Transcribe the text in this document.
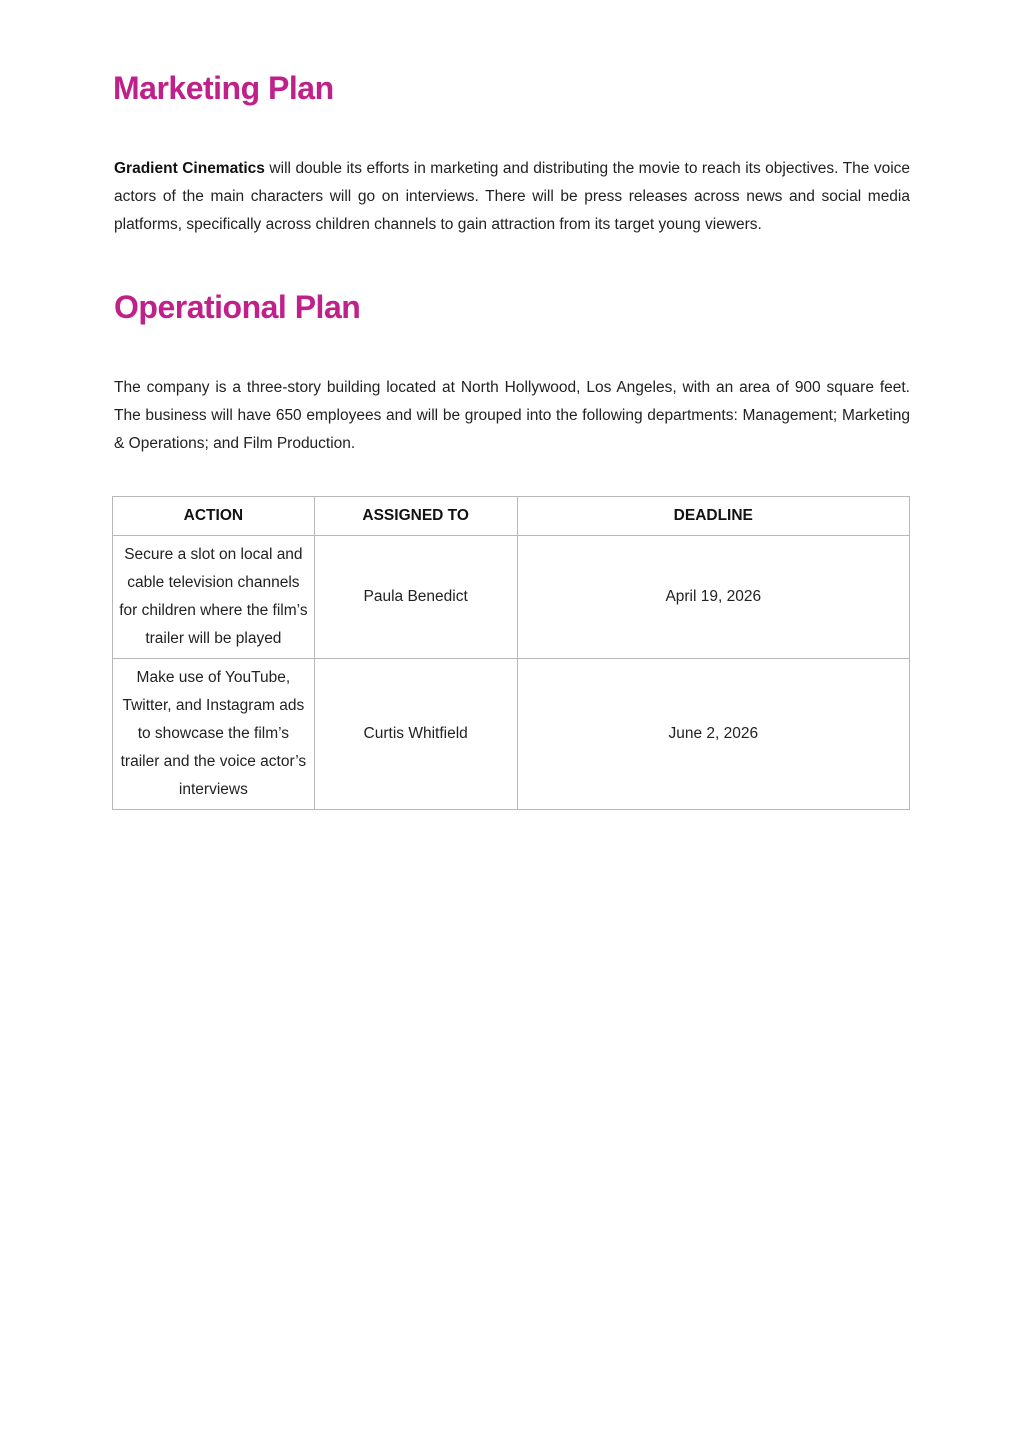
Marketing Plan

Gradient Cinematics will double its efforts in marketing and distributing the movie to reach its objectives. The voice actors of the main characters will go on interviews. There will be press releases across news and social media platforms, specifically across children channels to gain attraction from its target young viewers.

Operational Plan

The company is a three-story building located at North Hollywood, Los Angeles, with an area of 900 square feet. The business will have 650 employees and will be grouped into the following departments: Management; Marketing & Operations; and Film Production.

ACTION	ASSIGNED TO	DEADLINE
Secure a slot on local and cable television channels for children where the film’s trailer will be played	Paula Benedict	April 19, 2026
Make use of YouTube, Twitter, and Instagram ads to showcase the film’s trailer and the voice actor’s interviews	Curtis Whitfield	June 2, 2026
